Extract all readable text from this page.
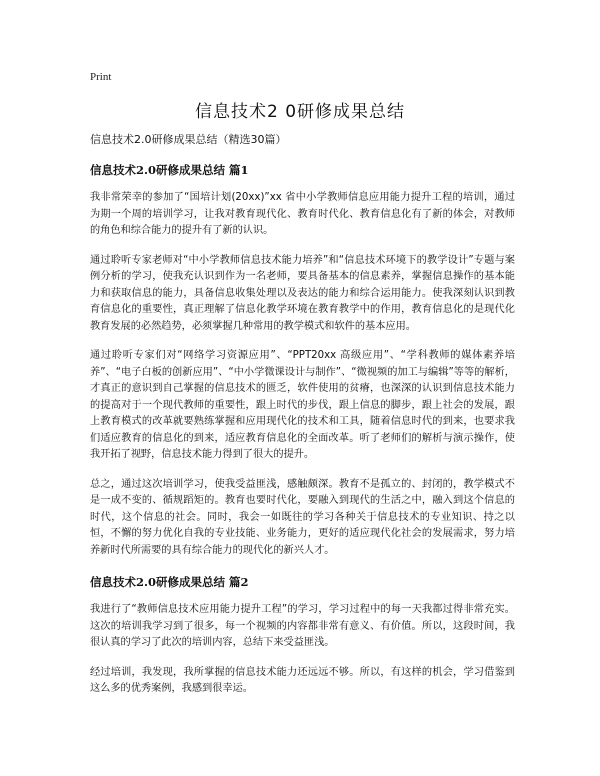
Print
信息技术2 0研修成果总结

信息技术2.0研修成果总结（精选30篇）

信息技术2.0研修成果总结 篇1

我非常荣幸的参加了“国培计划(20xx)”xx 省中小学教师信息应用能力提升工程的培训，通过为期一个周的培训学习，让我对教育现代化、教育时代化、教育信息化有了新的体会，对教师的角色和综合能力的提升有了新的认识。

通过聆听专家老师对“中小学教师信息技术能力培养”和“信息技术环境下的教学设计”专题与案例分析的学习，使我充认识到作为一名老师，要具备基本的信息素养，掌握信息操作的基本能力和获取信息的能力，具备信息收集处理以及表达的能力和综合运用能力。使我深刻认识到教育信息化的重要性，真正理解了信息化教学环境在教育教学中的作用，教育信息化的是现代化教育发展的必然趋势，必须掌握几种常用的教学模式和软件的基本应用。

通过聆听专家们对“网络学习资源应用”、“PPT20xx 高级应用”、“学科教师的媒体素养培养”、“电子白板的创新应用”、“中小学微课设计与制作”、“微视频的加工与编辑”等等的解析，才真正的意识到自己掌握的信息技术的匮乏，软件使用的贫瘠，也深深的认识到信息技术能力的提高对于一个现代教师的重要性，跟上时代的步伐，跟上信息的脚步，跟上社会的发展，跟上教育模式的改革就要熟练掌握和应用现代化的技术和工具，随着信息时代的到来，也要求我们适应教育的信息化的到来，适应教育信息化的全面改革。听了老师们的解析与演示操作，使我开拓了视野，信息技术能力得到了很大的提升。

总之，通过这次培训学习，使我受益匪浅，感触颇深。教育不是孤立的、封闭的，教学模式不是一成不变的、循规蹈矩的。教育也要时代化，要融入到现代的生活之中，融入到这个信息的时代，这个信息的社会。同时，我会一如既往的学习各种关于信息技术的专业知识、持之以恒，不懈的努力优化自我的专业技能、业务能力，更好的适应现代化社会的发展需求，努力培养新时代所需要的具有综合能力的现代化的新兴人才。

信息技术2.0研修成果总结 篇2

我进行了“教师信息技术应用能力提升工程”的学习，学习过程中的每一天我都过得非常充实。这次的培训我学习到了很多，每一个视频的内容都非常有意义、有价值。所以，这段时间，我很认真的学习了此次的培训内容，总结下来受益匪浅。

经过培训，我发现，我所掌握的信息技术能力还远远不够。所以，有这样的机会，学习借鉴到这么多的优秀案例，我感到很幸运。
